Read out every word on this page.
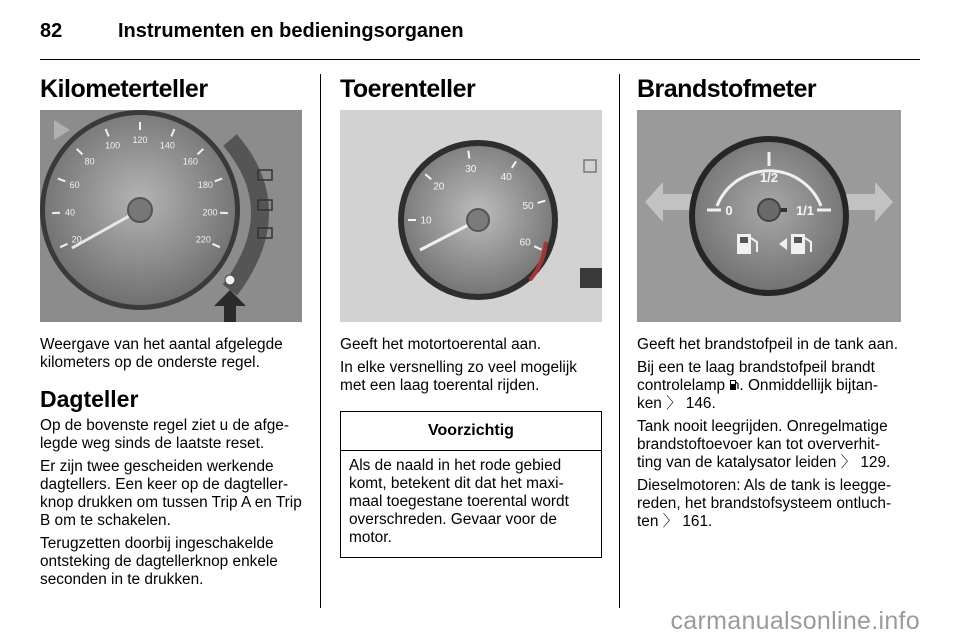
82	Instrumenten en bedieningsorganen
Kilometerteller
20
40
60
80
100
120
140
160
180
200
220

Weergave van het aantal afgelegde kilometers op de onderste regel.

Dagteller

Op de bovenste regel ziet u de afge-legde weg sinds de laatste reset.

Er zijn twee gescheiden werkende dagtellers. Een keer op de dagteller-knop drukken om tussen Trip A en Trip B om te schakelen.

Terugzetten doorbij ingeschakelde ontsteking de dagtellerknop enkele seconden in te drukken.

Toerenteller
10
20
30
40
50
60

Geeft het motortoerental aan.

In elke versnelling zo veel mogelijk met een laag toerental rijden.

Voorzichtig
Als de naald in het rode gebied komt, betekent dit dat het maxi-maal toegestane toerental wordt overschreden. Gevaar voor de motor.
Brandstofmeter
1/2
0	1/1

Geeft het brandstofpeil in de tank aan.

Bij een te laag brandstofpeil brandt controlelamp . Onmiddellijk bijtan-ken 〉 146.

Tank nooit leegrijden. Onregelmatige brandstoftoevoer kan tot oververhit-ting van de katalysator leiden 〉 129.

Dieselmotoren: Als de tank is leegge-reden, het brandstofsysteem ontluch-ten 〉 161.

carmanualsonline.info
